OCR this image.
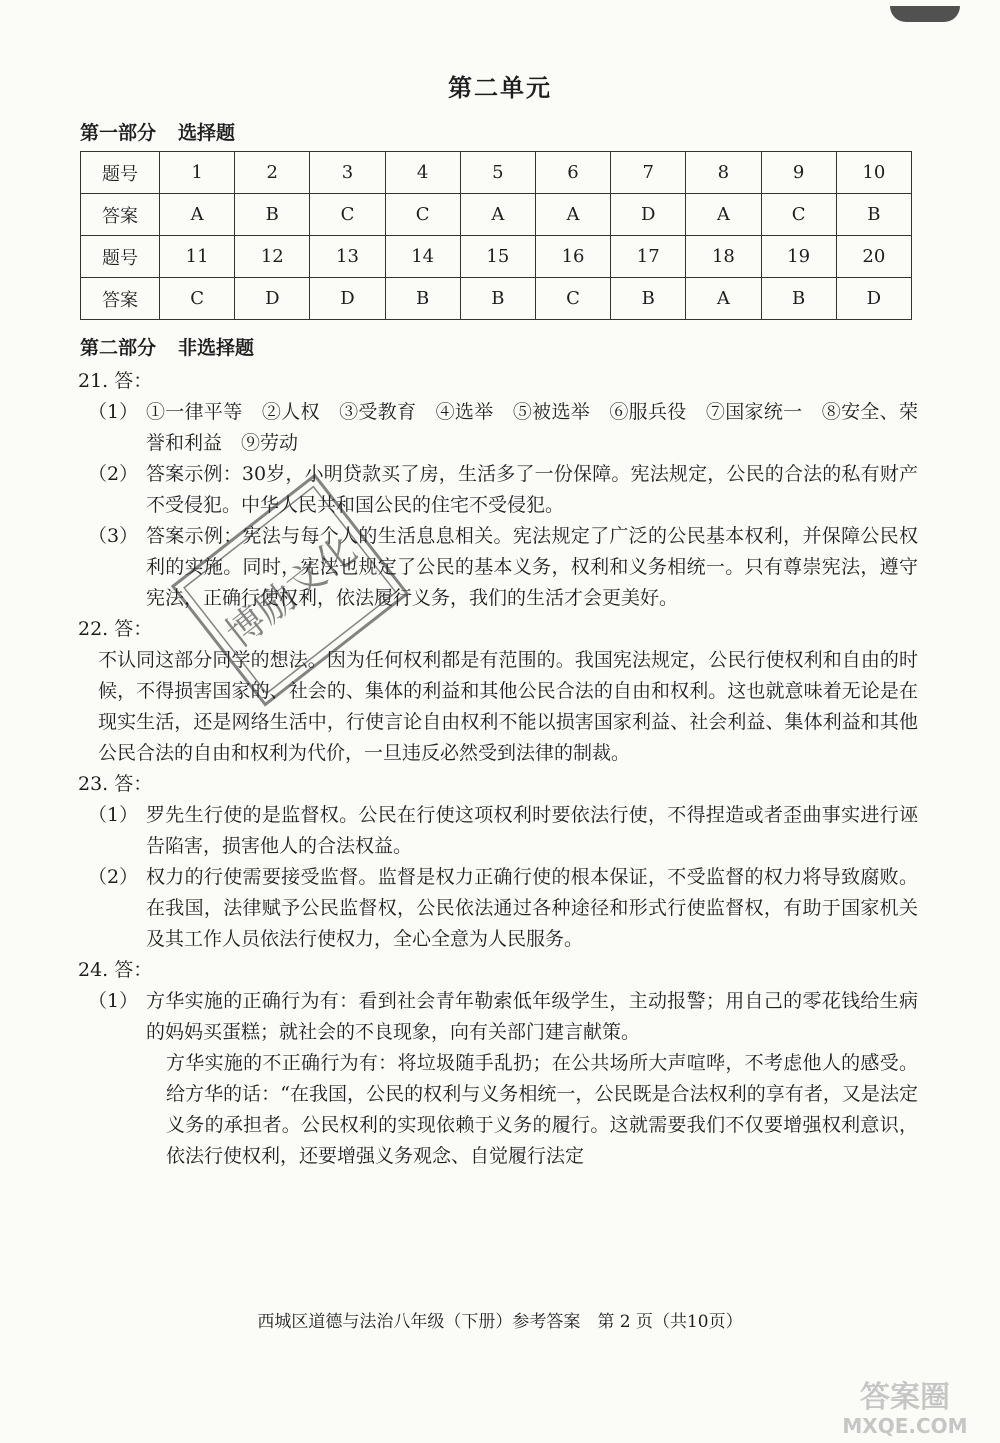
第二单元
第一部分 选择题
题号	1	2	3	4	5	6	7	8	9	10
答案	A	B	C	C	A	A	D	A	C	B
题号	11	12	13	14	15	16	17	18	19	20
答案	C	D	D	B	B	C	B	A	B	D
第二部分 非选择题

21. 答：

（1） ①一律平等　②人权　③受教育　④选举　⑤被选举　⑥服兵役　⑦国家统一　⑧安全、荣誉和利益　⑨劳动
（2） 答案示例：30岁，小明贷款买了房，生活多了一份保障。宪法规定，公民的合法的私有财产不受侵犯。中华人民共和国公民的住宅不受侵犯。
（3） 答案示例：宪法与每个人的生活息息相关。宪法规定了广泛的公民基本权利，并保障公民权利的实施。同时，宪法也规定了公民的基本义务，权利和义务相统一。只有尊崇宪法，遵守宪法，正确行使权利，依法履行义务，我们的生活才会更美好。

22. 答：

不认同这部分同学的想法。因为任何权利都是有范围的。我国宪法规定，公民行使权利和自由的时候，不得损害国家的、社会的、集体的利益和其他公民合法的自由和权利。这也就意味着无论是在现实生活，还是网络生活中，行使言论自由权利不能以损害国家利益、社会利益、集体利益和其他公民合法的自由和权利为代价，一旦违反必然受到法律的制裁。

23. 答：

（1） 罗先生行使的是监督权。公民在行使这项权利时要依法行使，不得捏造或者歪曲事实进行诬告陷害，损害他人的合法权益。
（2） 权力的行使需要接受监督。监督是权力正确行使的根本保证，不受监督的权力将导致腐败。在我国，法律赋予公民监督权，公民依法通过各种途径和形式行使监督权，有助于国家机关及其工作人员依法行使权力，全心全意为人民服务。

24. 答：

（1） 方华实施的正确行为有：看到社会青年勒索低年级学生，主动报警；用自己的零花钱给生病的妈妈买蛋糕；就社会的不良现象，向有关部门建言献策。

方华实施的不正确行为有：将垃圾随手乱扔；在公共场所大声喧哗，不考虑他人的感受。给方华的话：“在我国，公民的权利与义务相统一，公民既是合法权利的享有者，又是法定义务的承担者。公民权利的实现依赖于义务的履行。这就需要我们不仅要增强权利意识，依法行使权利，还要增强义务观念、自觉履行法定

西城区道德与法治八年级（下册）参考答案　第 2 页（共10页）
博励文化
答案圈
MXQE.COM
